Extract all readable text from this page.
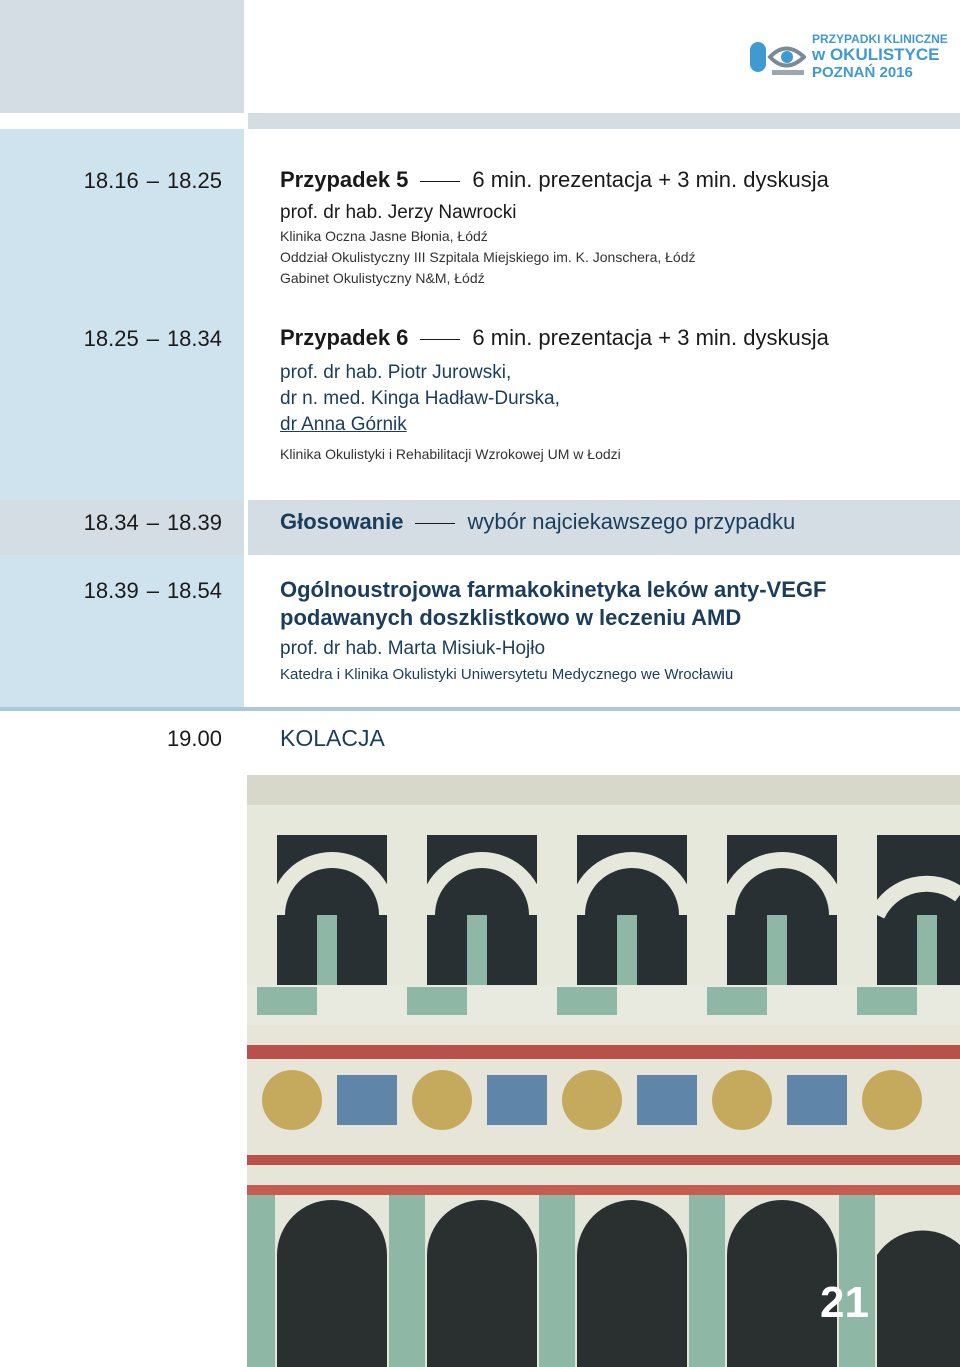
PRZYPADKI KLINICZNE
w OKULISTYCE
POZNAŃ 2016
18.16 – 18.25	Przypadek 5	6 min. prezentacja + 3 min. dyskusja
prof. dr hab. Jerzy Nawrocki
Klinika Oczna Jasne Błonia, Łódź
Oddział Okulistyczny III Szpitala Miejskiego im. K. Jonschera, Łódź
Gabinet Okulistyczny N&M, Łódź
18.25 – 18.34	Przypadek 6	6 min. prezentacja + 3 min. dyskusja
prof. dr hab. Piotr Jurowski,
dr n. med. Kinga Hadław-Durska,
dr Anna Górnik
Klinika Okulistyki i Rehabilitacji Wzrokowej UM w Łodzi
18.34 – 18.39	Głosowanie	wybór najciekawszego przypadku
18.39 – 18.54	Ogólnoustrojowa farmakokinetyka leków anty-VEGF
podawanych doszklistkowo w leczeniu AMD
prof. dr hab. Marta Misiuk-Hojło
Katedra i Klinika Okulistyki Uniwersytetu Medycznego we Wrocławiu
19.00	KOLACJA
21
